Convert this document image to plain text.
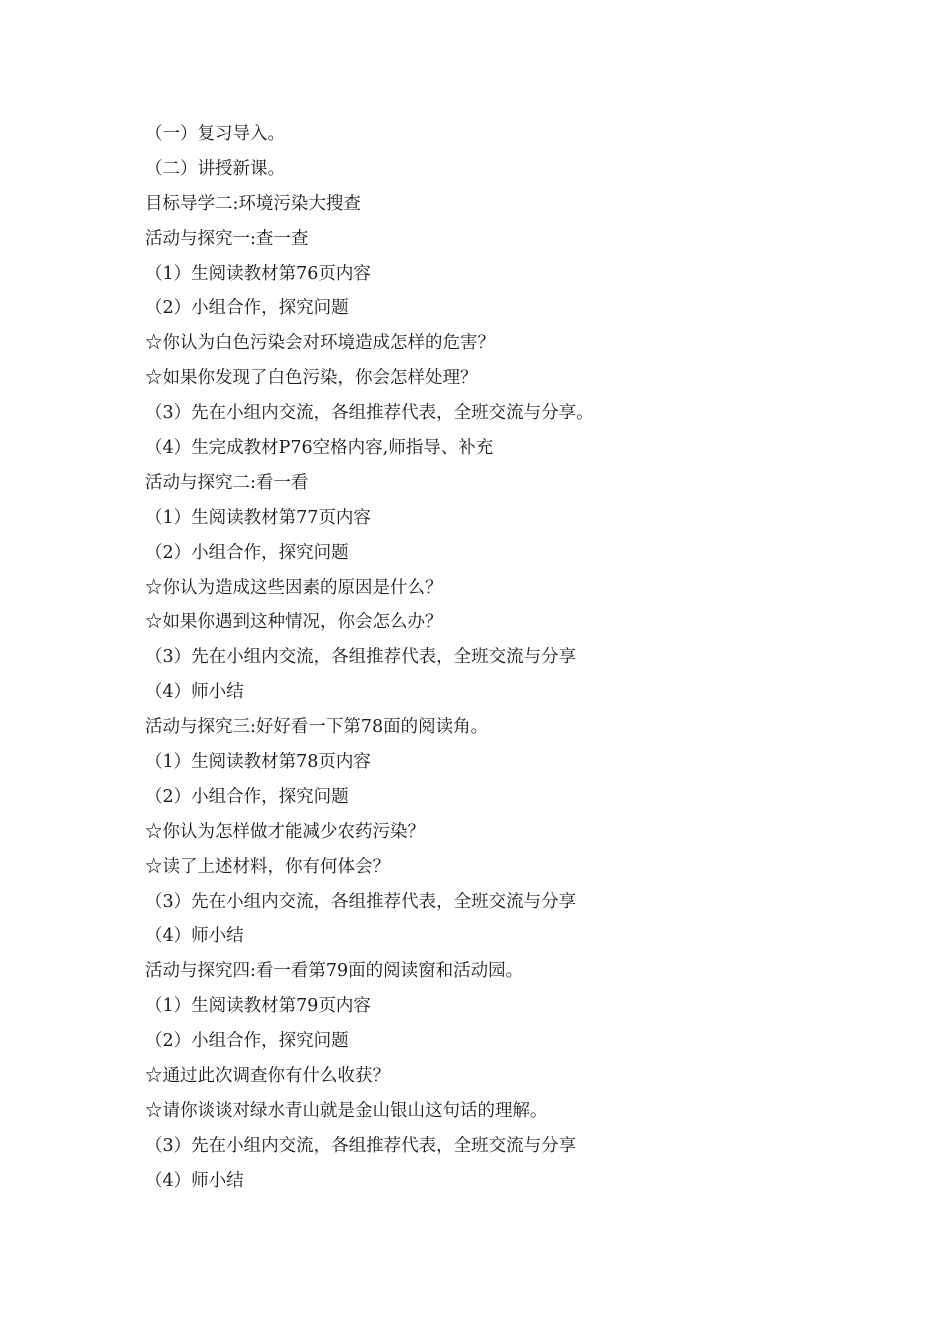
（一）复习导入。
（二）讲授新课。
目标导学二:环境污染大搜查
活动与探究一:查一查
（1）生阅读教材第76页内容
（2）小组合作，探究问题
☆你认为白色污染会对环境造成怎样的危害？
☆如果你发现了白色污染，你会怎样处理？
（3）先在小组内交流，各组推荐代表，全班交流与分享。
（4）生完成教材P76空格内容,师指导、补充
活动与探究二:看一看
（1）生阅读教材第77页内容
（2）小组合作，探究问题
☆你认为造成这些因素的原因是什么？
☆如果你遇到这种情况，你会怎么办？
（3）先在小组内交流，各组推荐代表，全班交流与分享
（4）师小结
活动与探究三:好好看一下第78面的阅读角。
（1）生阅读教材第78页内容
（2）小组合作，探究问题
☆你认为怎样做才能减少农药污染？
☆读了上述材料，你有何体会？
（3）先在小组内交流，各组推荐代表，全班交流与分享
（4）师小结
活动与探究四:看一看第79面的阅读窗和活动园。
（1）生阅读教材第79页内容
（2）小组合作，探究问题
☆通过此次调查你有什么收获？
☆请你谈谈对绿水青山就是金山银山这句话的理解。
（3）先在小组内交流，各组推荐代表，全班交流与分享
（4）师小结
